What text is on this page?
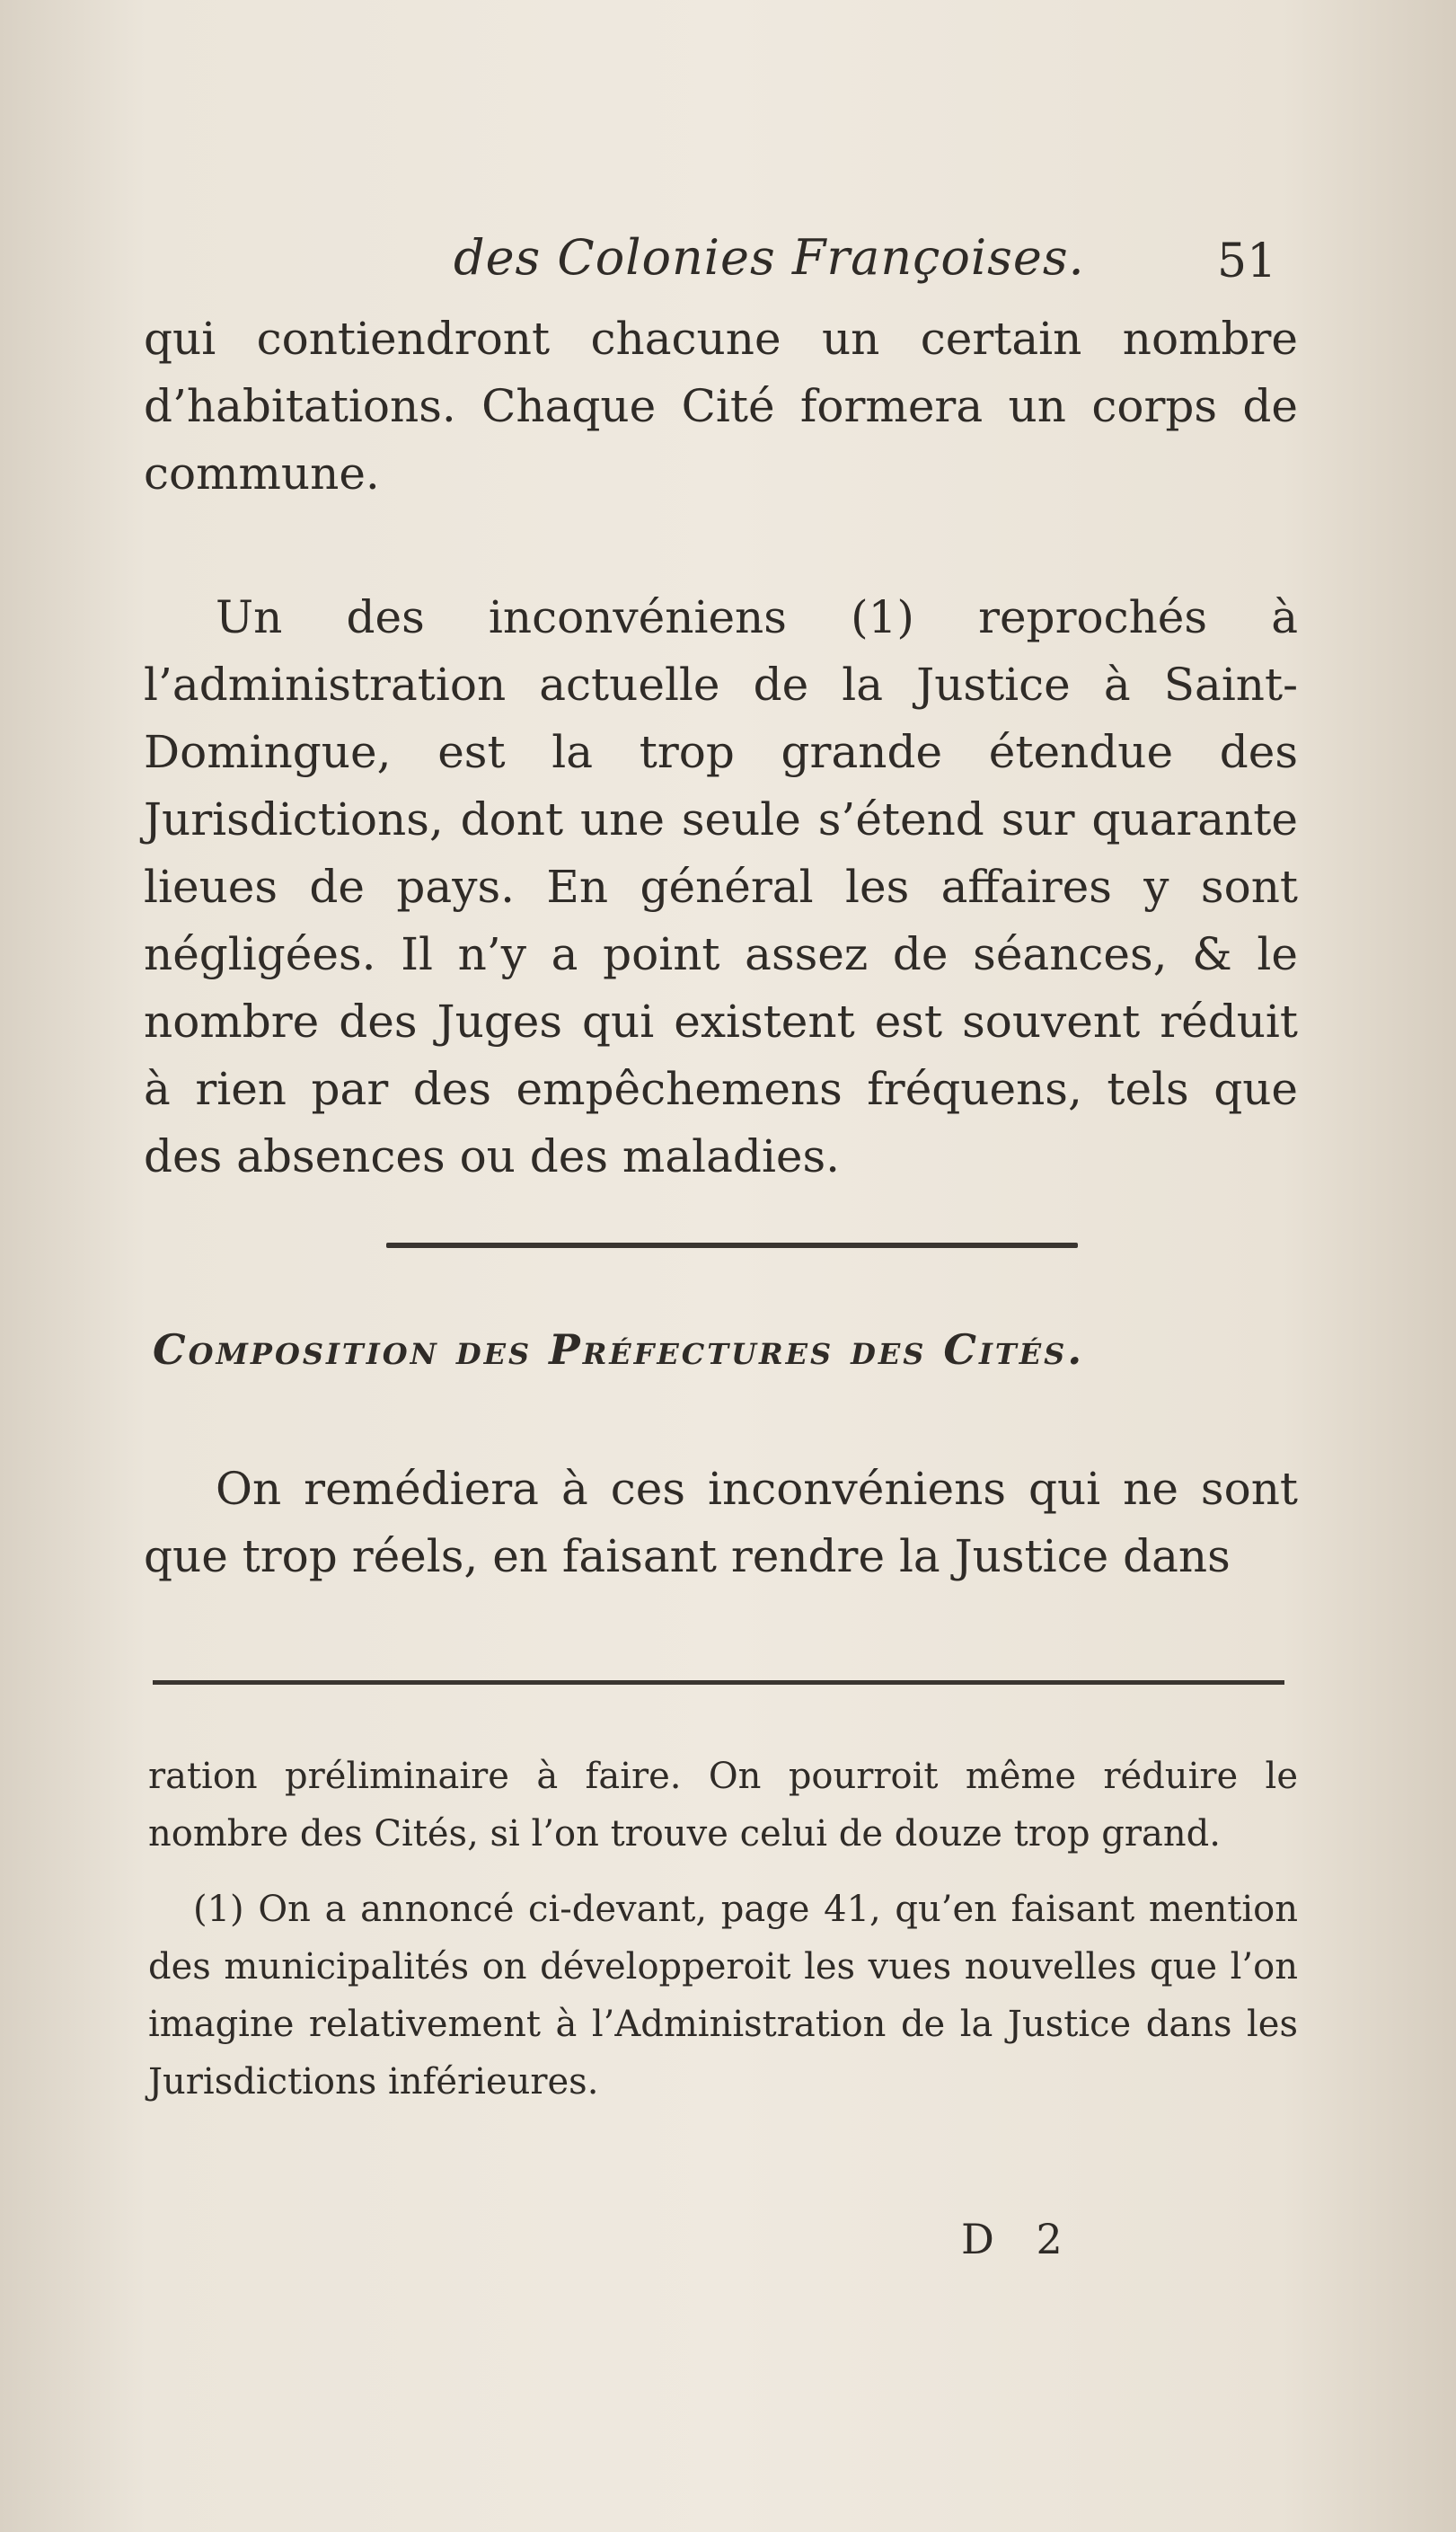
des Colonies Françoises.	51

qui contiendront chacune un certain nombre d’habitations. Chaque Cité formera un corps de commune.

Un des inconvéniens (1) reprochés à l’administration actuelle de la Justice à Saint-Domingue, est la trop grande étendue des Jurisdictions, dont une seule s’étend sur quarante lieues de pays. En général les affaires y sont négligées. Il n’y a point assez de séances, & le nombre des Juges qui existent est souvent réduit à rien par des empêchemens fréquens, tels que des absences ou des maladies.

Composition des Préfectures des Cités.

On remédiera à ces inconvéniens qui ne sont que trop réels, en faisant rendre la Justice dans

ration préliminaire à faire. On pourroit même réduire le nombre des Cités, si l’on trouve celui de douze trop grand.

(1) On a annoncé ci-devant, page 41, qu’en faisant mention des municipalités on développeroit les vues nouvelles que l’on imagine relativement à l’Administration de la Justice dans les Jurisdictions inférieures.

D 2
